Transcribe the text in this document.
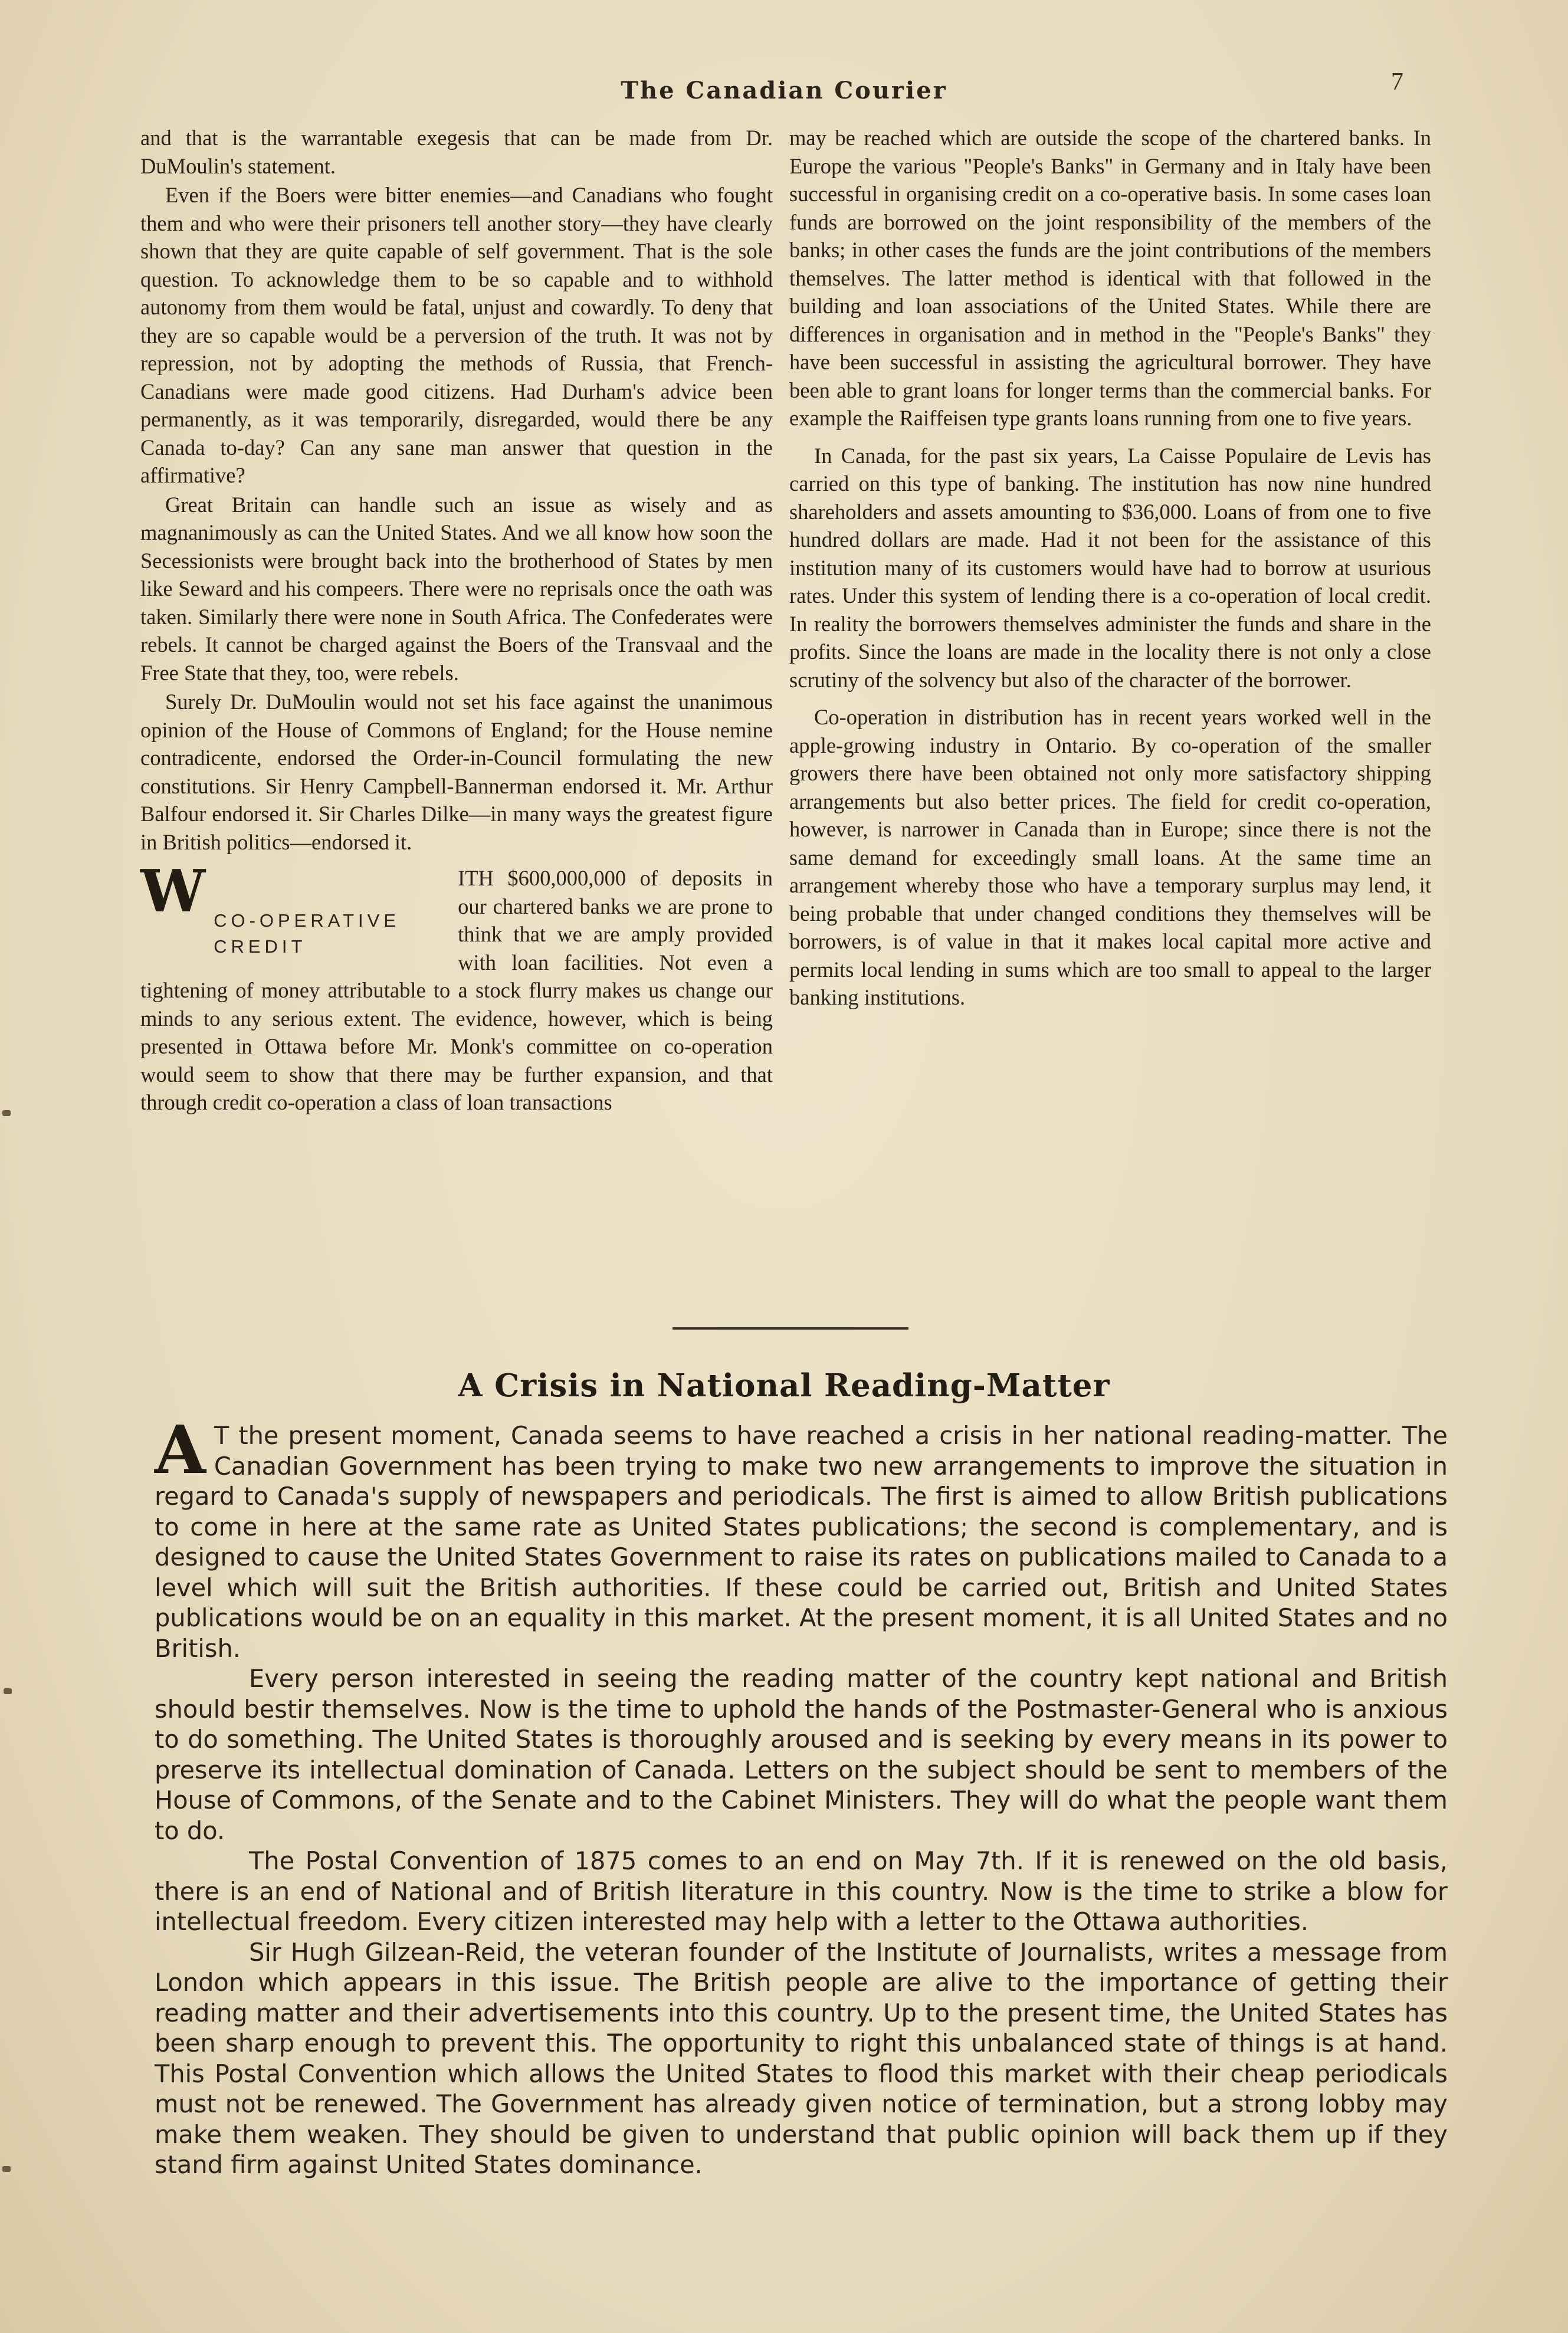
The Canadian Courier	7

and that is the warrantable exegesis that can be made from Dr. DuMoulin's statement.

Even if the Boers were bitter enemies—and Canadians who fought them and who were their prisoners tell another story—they have clearly shown that they are quite capable of self government. That is the sole question. To acknowledge them to be so capable and to withhold autonomy from them would be fatal, unjust and cowardly. To deny that they are so capable would be a perversion of the truth. It was not by repression, not by adopting the methods of Russia, that French-Canadians were made good citizens. Had Durham's advice been permanently, as it was temporarily, disregarded, would there be any Canada to-day? Can any sane man answer that question in the affirmative?

Great Britain can handle such an issue as wisely and as magnanimously as can the United States. And we all know how soon the Secessionists were brought back into the brotherhood of States by men like Seward and his compeers. There were no reprisals once the oath was taken. Similarly there were none in South Africa. The Confederates were rebels. It cannot be charged against the Boers of the Transvaal and the Free State that they, too, were rebels.

Surely Dr. DuMoulin would not set his face against the unanimous opinion of the House of Commons of England; for the House nemine contradicente, endorsed the Order-in-Council formulating the new constitutions. Sir Henry Campbell-Bannerman endorsed it. Mr. Arthur Balfour endorsed it. Sir Charles Dilke—in many ways the greatest figure in British politics—endorsed it.

W CO-OPERATIVE CREDIT

ITH $600,000,000 of deposits in our chartered banks we are prone to think that we are amply provided with loan facilities. Not even a tightening of money attributable to a stock flurry makes us change our minds to any serious extent. The evidence, however, which is being presented in Ottawa before Mr. Monk's committee on co-operation would seem to show that there may be further expansion, and that through credit co-operation a class of loan transactions

may be reached which are outside the scope of the chartered banks. In Europe the various "People's Banks" in Germany and in Italy have been successful in organising credit on a co-operative basis. In some cases loan funds are borrowed on the joint responsibility of the members of the banks; in other cases the funds are the joint contributions of the members themselves. The latter method is identical with that followed in the building and loan associations of the United States. While there are differences in organisation and in method in the "People's Banks" they have been successful in assisting the agricultural borrower. They have been able to grant loans for longer terms than the commercial banks. For example the Raiffeisen type grants loans running from one to five years.

In Canada, for the past six years, La Caisse Populaire de Levis has carried on this type of banking. The institution has now nine hundred shareholders and assets amounting to $36,000. Loans of from one to five hundred dollars are made. Had it not been for the assistance of this institution many of its customers would have had to borrow at usurious rates. Under this system of lending there is a co-operation of local credit. In reality the borrowers themselves administer the funds and share in the profits. Since the loans are made in the locality there is not only a close scrutiny of the solvency but also of the character of the borrower.

Co-operation in distribution has in recent years worked well in the apple-growing industry in Ontario. By co-operation of the smaller growers there have been obtained not only more satisfactory shipping arrangements but also better prices. The field for credit co-operation, however, is narrower in Canada than in Europe; since there is not the same demand for exceedingly small loans. At the same time an arrangement whereby those who have a temporary surplus may lend, it being probable that under changed conditions they themselves will be borrowers, is of value in that it makes local capital more active and permits local lending in sums which are too small to appeal to the larger banking institutions.

A Crisis in National Reading-Matter

A T the present moment, Canada seems to have reached a crisis in her national reading-matter. The Canadian Government has been trying to make two new arrangements to improve the situation in regard to Canada's supply of newspapers and periodicals. The first is aimed to allow British publications to come in here at the same rate as United States publications; the second is complementary, and is designed to cause the United States Government to raise its rates on publications mailed to Canada to a level which will suit the British authorities. If these could be carried out, British and United States publications would be on an equality in this market. At the present moment, it is all United States and no British.

Every person interested in seeing the reading matter of the country kept national and British should bestir themselves. Now is the time to uphold the hands of the Postmaster-General who is anxious to do something. The United States is thoroughly aroused and is seeking by every means in its power to preserve its intellectual domination of Canada. Letters on the subject should be sent to members of the House of Commons, of the Senate and to the Cabinet Ministers. They will do what the people want them to do.

The Postal Convention of 1875 comes to an end on May 7th. If it is renewed on the old basis, there is an end of National and of British literature in this country. Now is the time to strike a blow for intellectual freedom. Every citizen interested may help with a letter to the Ottawa authorities.

Sir Hugh Gilzean-Reid, the veteran founder of the Institute of Journalists, writes a message from London which appears in this issue. The British people are alive to the importance of getting their reading matter and their advertisements into this country. Up to the present time, the United States has been sharp enough to prevent this. The opportunity to right this unbalanced state of things is at hand. This Postal Convention which allows the United States to flood this market with their cheap periodicals must not be renewed. The Government has already given notice of termination, but a strong lobby may make them weaken. They should be given to understand that public opinion will back them up if they stand firm against United States dominance.
